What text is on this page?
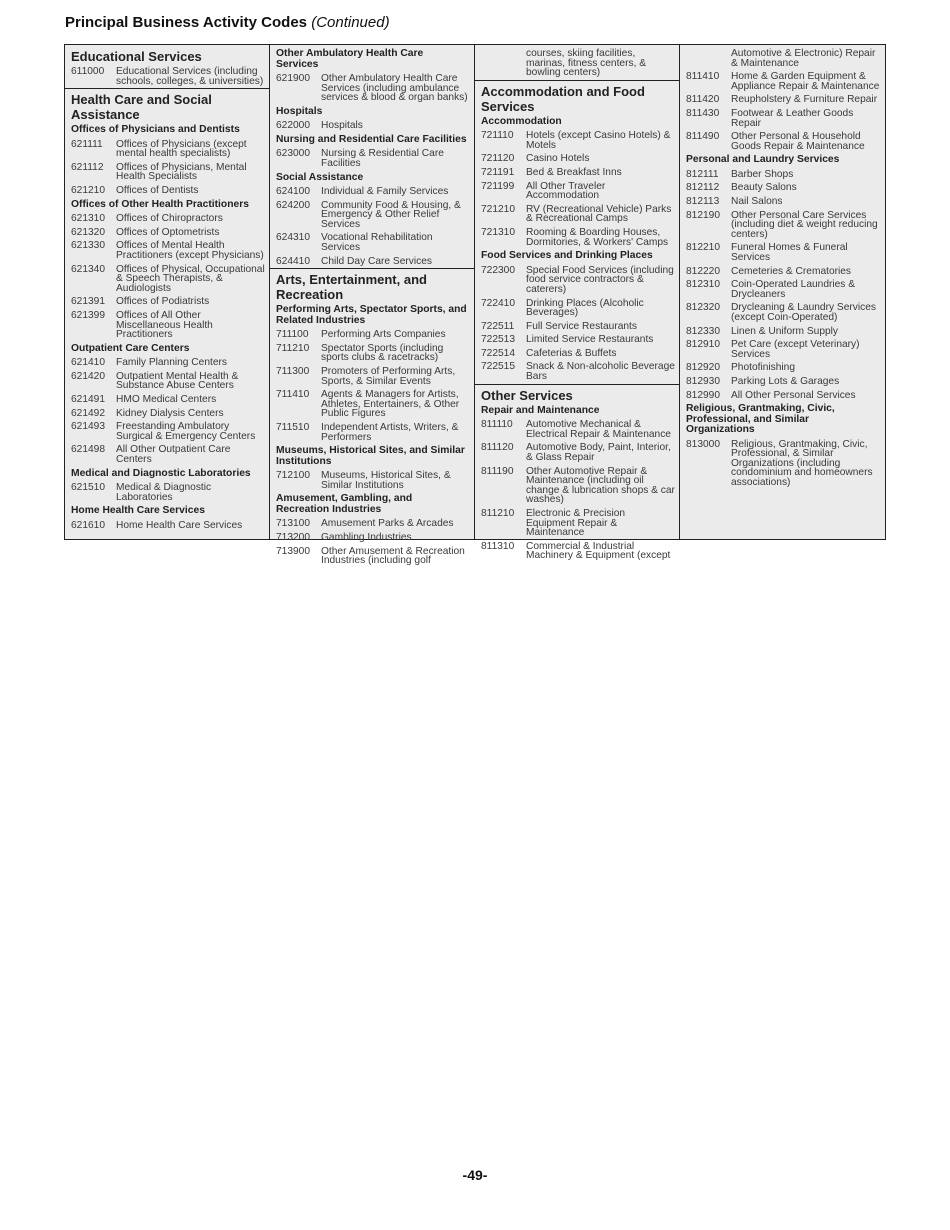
Principal Business Activity Codes (Continued)
Educational Services
611000	Educational Services (including schools, colleges, & universities)
Health Care and Social Assistance
Offices of Physicians and Dentists
621111	Offices of Physicians (except mental health specialists)
621112	Offices of Physicians, Mental Health Specialists
621210	Offices of Dentists
Offices of Other Health Practitioners
621310	Offices of Chiropractors
621320	Offices of Optometrists
621330	Offices of Mental Health Practitioners (except Physicians)
621340	Offices of Physical, Occupational & Speech Therapists, & Audiologists
621391	Offices of Podiatrists
621399	Offices of All Other Miscellaneous Health Practitioners
Outpatient Care Centers
621410	Family Planning Centers
621420	Outpatient Mental Health & Substance Abuse Centers
621491	HMO Medical Centers
621492	Kidney Dialysis Centers
621493	Freestanding Ambulatory Surgical & Emergency Centers
621498	All Other Outpatient Care Centers
Medical and Diagnostic Laboratories
621510	Medical & Diagnostic Laboratories
Home Health Care Services
621610	Home Health Care Services
Other Ambulatory Health Care Services
621900	Other Ambulatory Health Care Services (including ambulance services & blood & organ banks)
Hospitals
622000	Hospitals
Nursing and Residential Care Facilities
623000	Nursing & Residential Care Facilities
Social Assistance
624100	Individual & Family Services
624200	Community Food & Housing, & Emergency & Other Relief Services
624310	Vocational Rehabilitation Services
624410	Child Day Care Services
Arts, Entertainment, and Recreation
Performing Arts, Spectator Sports, and Related Industries
711100	Performing Arts Companies
711210	Spectator Sports (including sports clubs & racetracks)
711300	Promoters of Performing Arts, Sports, & Similar Events
711410	Agents & Managers for Artists, Athletes, Entertainers, & Other Public Figures
711510	Independent Artists, Writers, & Performers
Museums, Historical Sites, and Similar Institutions
712100	Museums, Historical Sites, & Similar Institutions
Amusement, Gambling, and Recreation Industries
713100	Amusement Parks & Arcades
713200	Gambling Industries
713900	Other Amusement & Recreation Industries (including golf
courses, skiing facilities, marinas, fitness centers, & bowling centers)
Accommodation and Food Services
Accommodation
721110	Hotels (except Casino Hotels) & Motels
721120	Casino Hotels
721191	Bed & Breakfast Inns
721199	All Other Traveler Accommodation
721210	RV (Recreational Vehicle) Parks & Recreational Camps
721310	Rooming & Boarding Houses, Dormitories, & Workers' Camps
Food Services and Drinking Places
722300	Special Food Services (including food service contractors & caterers)
722410	Drinking Places (Alcoholic Beverages)
722511	Full Service Restaurants
722513	Limited Service Restaurants
722514	Cafeterias & Buffets
722515	Snack & Non-alcoholic Beverage Bars
Other Services
Repair and Maintenance
811110	Automotive Mechanical & Electrical Repair & Maintenance
811120	Automotive Body, Paint, Interior, & Glass Repair
811190	Other Automotive Repair & Maintenance (including oil change & lubrication shops & car washes)
811210	Electronic & Precision Equipment Repair & Maintenance
811310	Commercial & Industrial Machinery & Equipment (except
Automotive & Electronic) Repair & Maintenance
811410	Home & Garden Equipment & Appliance Repair & Maintenance
811420	Reupholstery & Furniture Repair
811430	Footwear & Leather Goods Repair
811490	Other Personal & Household Goods Repair & Maintenance
Personal and Laundry Services
812111	Barber Shops
812112	Beauty Salons
812113	Nail Salons
812190	Other Personal Care Services (including diet & weight reducing centers)
812210	Funeral Homes & Funeral Services
812220	Cemeteries & Crematories
812310	Coin-Operated Laundries & Drycleaners
812320	Drycleaning & Laundry Services (except Coin-Operated)
812330	Linen & Uniform Supply
812910	Pet Care (except Veterinary) Services
812920	Photofinishing
812930	Parking Lots & Garages
812990	All Other Personal Services
Religious, Grantmaking, Civic, Professional, and Similar Organizations
813000	Religious, Grantmaking, Civic, Professional, & Similar Organizations (including condominium and homeowners associations)
-49-
